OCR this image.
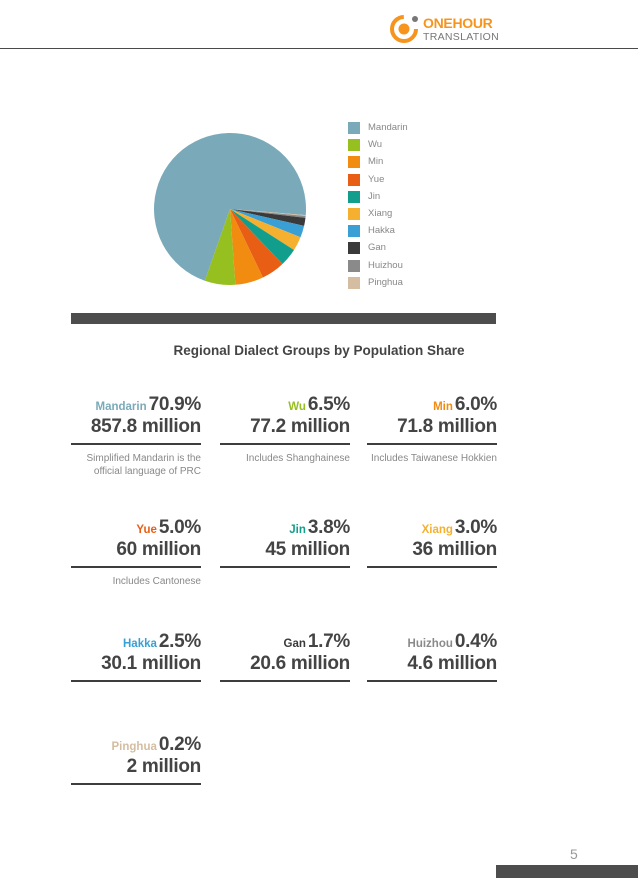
ONEHOUR
TRANSLATION
Mandarin
Wu
Min
Yue
Jin
Xiang
Hakka
Gan
Huizhou
Pinghua
Regional Dialect Groups by Population Share
Mandarin 70.9%
857.8 million
Simplified Mandarin is the official language of PRC
Wu 6.5%
77.2 million
Includes Shanghainese
Min 6.0%
71.8 million
Includes Taiwanese Hokkien
Yue 5.0%
60 million
Includes Cantonese
Jin 3.8%
45 million
Xiang 3.0%
36 million
Hakka 2.5%
30.1 million
Gan 1.7%
20.6 million
Huizhou 0.4%
4.6 million
Pinghua 0.2%
2 million
5
